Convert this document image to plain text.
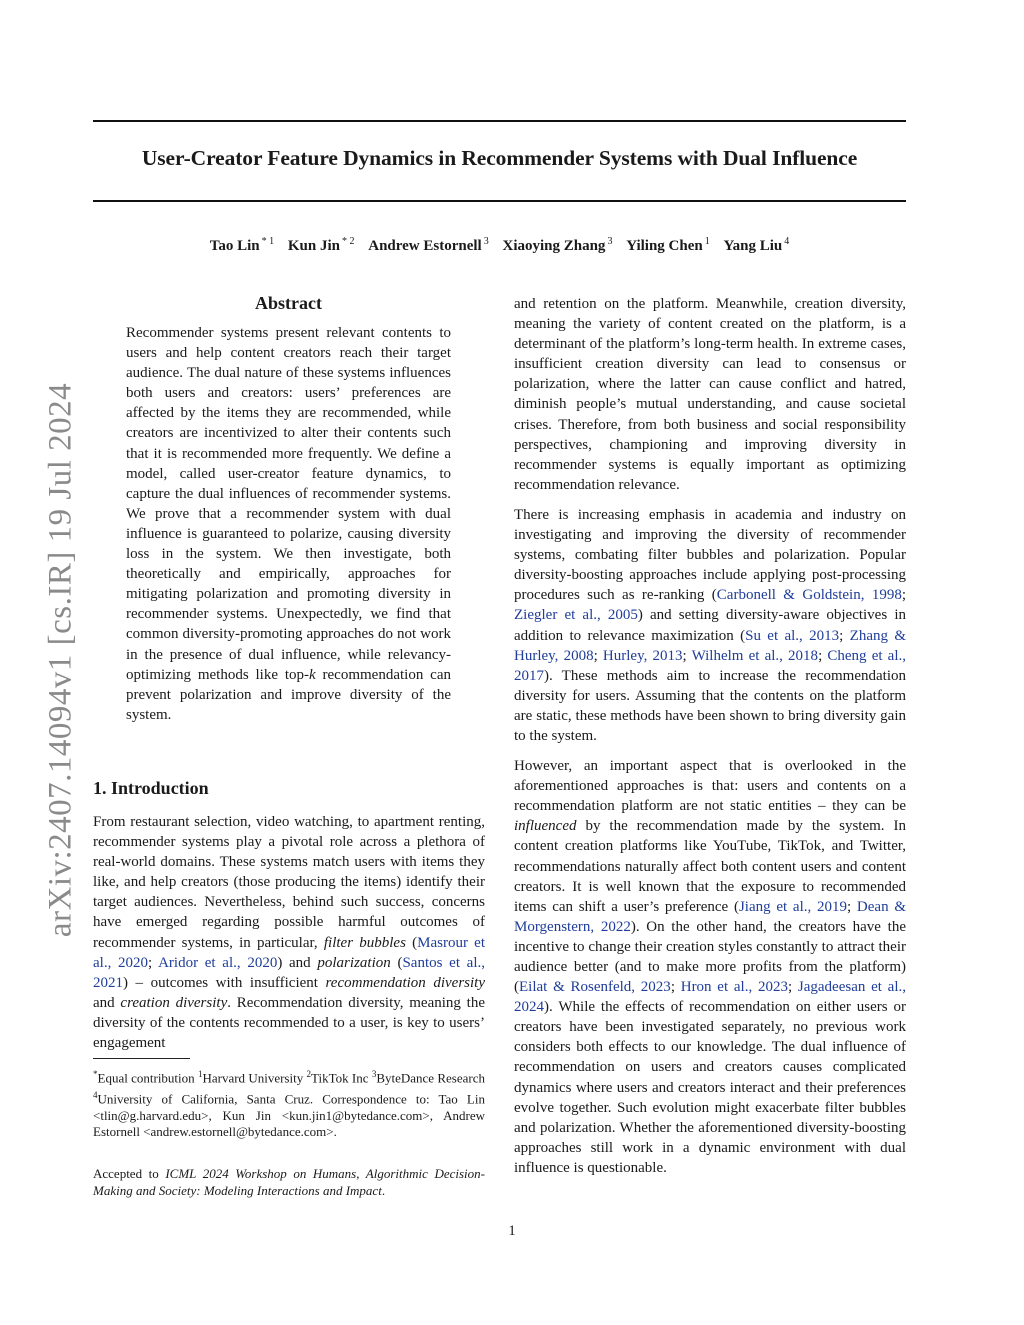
arXiv:2407.14094v1 [cs.IR] 19 Jul 2024
User-Creator Feature Dynamics in Recommender Systems with Dual Influence
Tao Lin $^{* 1}$ Kun Jin $^{* 2}$ Andrew Estornell $^3$ Xiaoying Zhang $^3$ Yiling Chen $^1$ Yang Liu $^4$

Abstract

Recommender systems present relevant contents to users and help content creators reach their target audience. The dual nature of these systems influences both users and creators: users’ preferences are affected by the items they are recommended, while creators are incentivized to alter their contents such that it is recommended more frequently. We define a model, called user-creator feature dynamics, to capture the dual influences of recommender systems. We prove that a recommender system with dual influence is guaranteed to polarize, causing diversity loss in the system. We then investigate, both theoretically and empirically, approaches for mitigating polarization and promoting diversity in recommender systems. Unexpectedly, we find that common diversity-promoting approaches do not work in the presence of dual influence, while relevancy-optimizing methods like top-k recommendation can prevent polarization and improve diversity of the system.

1. Introduction

From restaurant selection, video watching, to apartment renting, recommender systems play a pivotal role across a plethora of real-world domains. These systems match users with items they like, and help creators (those producing the items) identify their target audiences. Nevertheless, behind such success, concerns have emerged regarding possible harmful outcomes of recommender systems, in particular, filter bubbles (Masrour et al., 2020; Aridor et al., 2020) and polarization (Santos et al., 2021) – outcomes with insufficient recommendation diversity and creation diversity. Recommendation diversity, meaning the diversity of the contents recommended to a user, is key to users’ engagement

*Equal contribution $^1$Harvard University $^2$TikTok Inc $^3$ByteDance Research $^4$University of California, Santa Cruz. Correspondence to: Tao Lin <tlin@g.harvard.edu>, Kun Jin <kun.jin1@bytedance.com>, Andrew Estornell <andrew.estornell@bytedance.com>.
Accepted to ICML 2024 Workshop on Humans, Algorithmic Decision-Making and Society: Modeling Interactions and Impact.

and retention on the platform. Meanwhile, creation diversity, meaning the variety of content created on the platform, is a determinant of the platform’s long-term health. In extreme cases, insufficient creation diversity can lead to consensus or polarization, where the latter can cause conflict and hatred, diminish people’s mutual understanding, and cause societal crises. Therefore, from both business and social responsibility perspectives, championing and improving diversity in recommender systems is equally important as optimizing recommendation relevance.

There is increasing emphasis in academia and industry on investigating and improving the diversity of recommender systems, combating filter bubbles and polarization. Popular diversity-boosting approaches include applying post-processing procedures such as re-ranking (Carbonell & Goldstein, 1998; Ziegler et al., 2005) and setting diversity-aware objectives in addition to relevance maximization (Su et al., 2013; Zhang & Hurley, 2008; Hurley, 2013; Wilhelm et al., 2018; Cheng et al., 2017). These methods aim to increase the recommendation diversity for users. Assuming that the contents on the platform are static, these methods have been shown to bring diversity gain to the system.

However, an important aspect that is overlooked in the aforementioned approaches is that: users and contents on a recommendation platform are not static entities – they can be influenced by the recommendation made by the system. In content creation platforms like YouTube, TikTok, and Twitter, recommendations naturally affect both content users and content creators. It is well known that the exposure to recommended items can shift a user’s preference (Jiang et al., 2019; Dean & Morgenstern, 2022). On the other hand, the creators have the incentive to change their creation styles constantly to attract their audience better (and to make more profits from the platform) (Eilat & Rosenfeld, 2023; Hron et al., 2023; Jagadeesan et al., 2024). While the effects of recommendation on either users or creators have been investigated separately, no previous work considers both effects to our knowledge. The dual influence of recommendation on users and creators causes complicated dynamics where users and creators interact and their preferences evolve together. Such evolution might exacerbate filter bubbles and polarization. Whether the aforementioned diversity-boosting approaches still work in a dynamic environment with dual influence is questionable.

1
